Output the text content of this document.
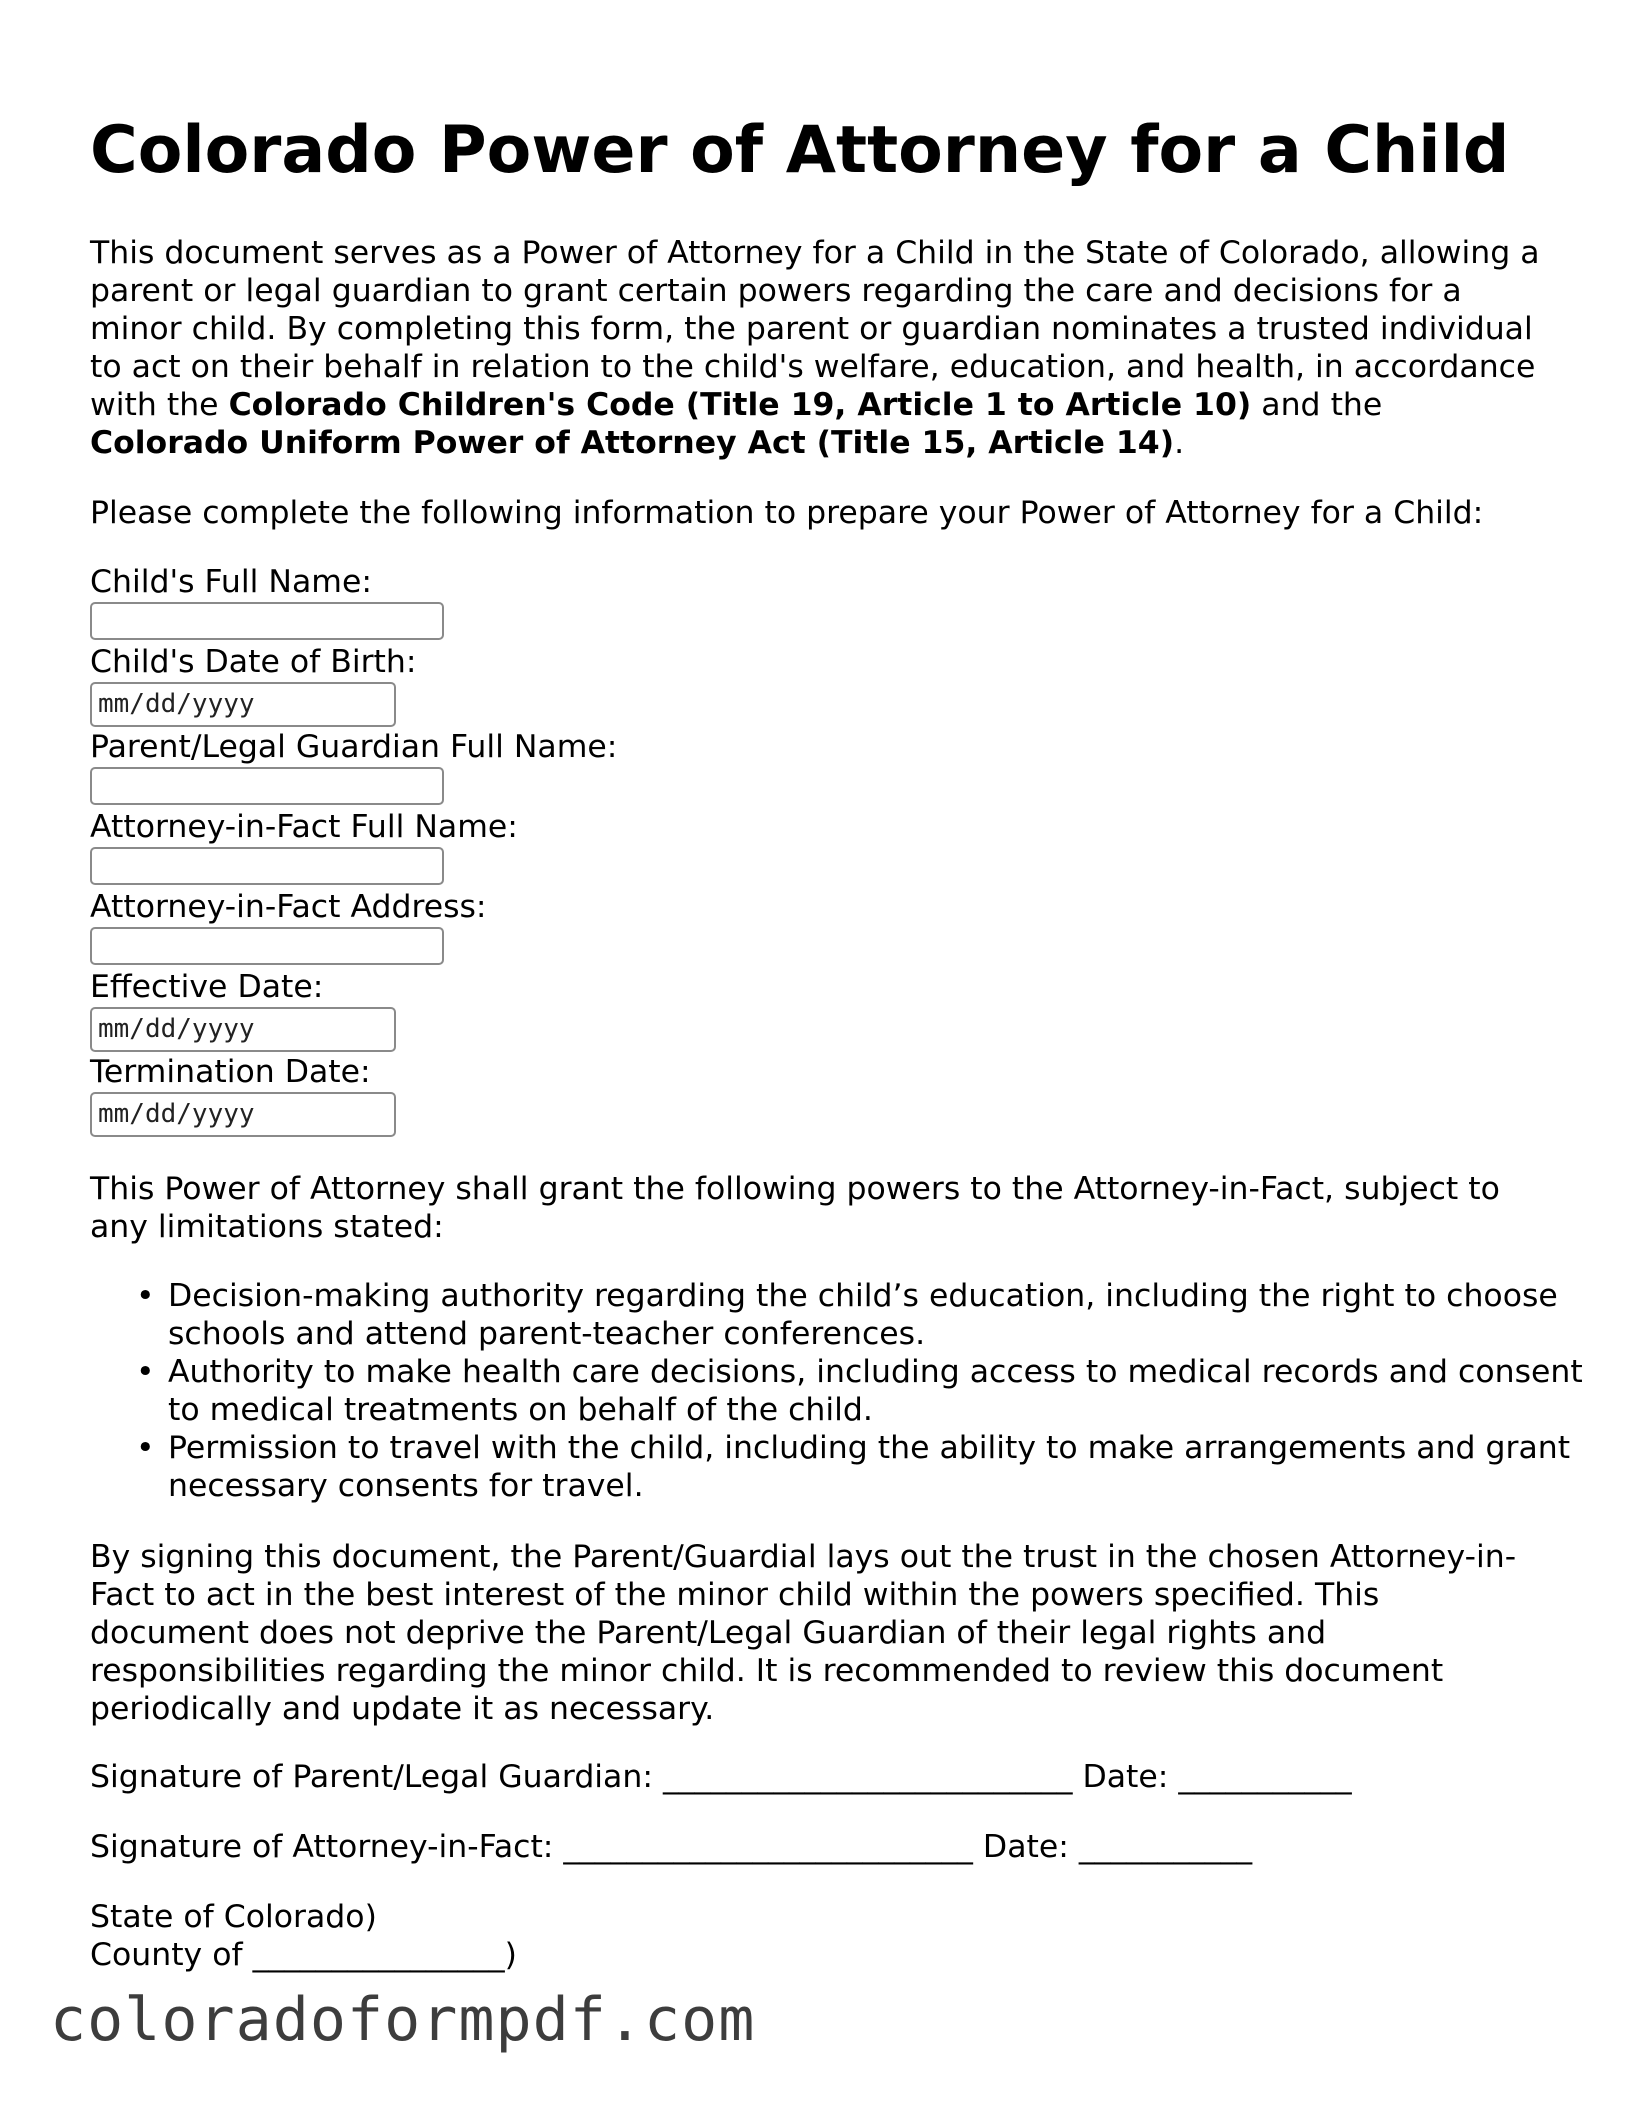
Colorado Power of Attorney for a Child

This document serves as a Power of Attorney for a Child in the State of Colorado, allowing a parent or legal guardian to grant certain powers regarding the care and decisions for a minor child. By completing this form, the parent or guardian nominates a trusted individual to act on their behalf in relation to the child's welfare, education, and health, in accordance with the Colorado Children's Code (Title 19, Article 1 to Article 10) and the Colorado Uniform Power of Attorney Act (Title 15, Article 14).

Please complete the following information to prepare your Power of Attorney for a Child:

Child's Full Name:
Child's Date of Birth:
mm/dd/yyyy
Parent/Legal Guardian Full Name:
Attorney-in-Fact Full Name:
Attorney-in-Fact Address:
Effective Date:
mm/dd/yyyy
Termination Date:
mm/dd/yyyy

This Power of Attorney shall grant the following powers to the Attorney-in-Fact, subject to any limitations stated:

• Decision-making authority regarding the child’s education, including the right to choose schools and attend parent-teacher conferences.
• Authority to make health care decisions, including access to medical records and consent to medical treatments on behalf of the child.
• Permission to travel with the child, including the ability to make arrangements and grant necessary consents for travel.

By signing this document, the Parent/Guardial lays out the trust in the chosen Attorney-in-Fact to act in the best interest of the minor child within the powers specified. This document does not deprive the Parent/Legal Guardian of their legal rights and responsibilities regarding the minor child. It is recommended to review this document periodically and update it as necessary.

Signature of Parent/Legal Guardian: __________________________ Date: ___________
Signature of Attorney-in-Fact: __________________________ Date: ___________
State of Colorado)
County of ________________)
coloradoformpdf.com
